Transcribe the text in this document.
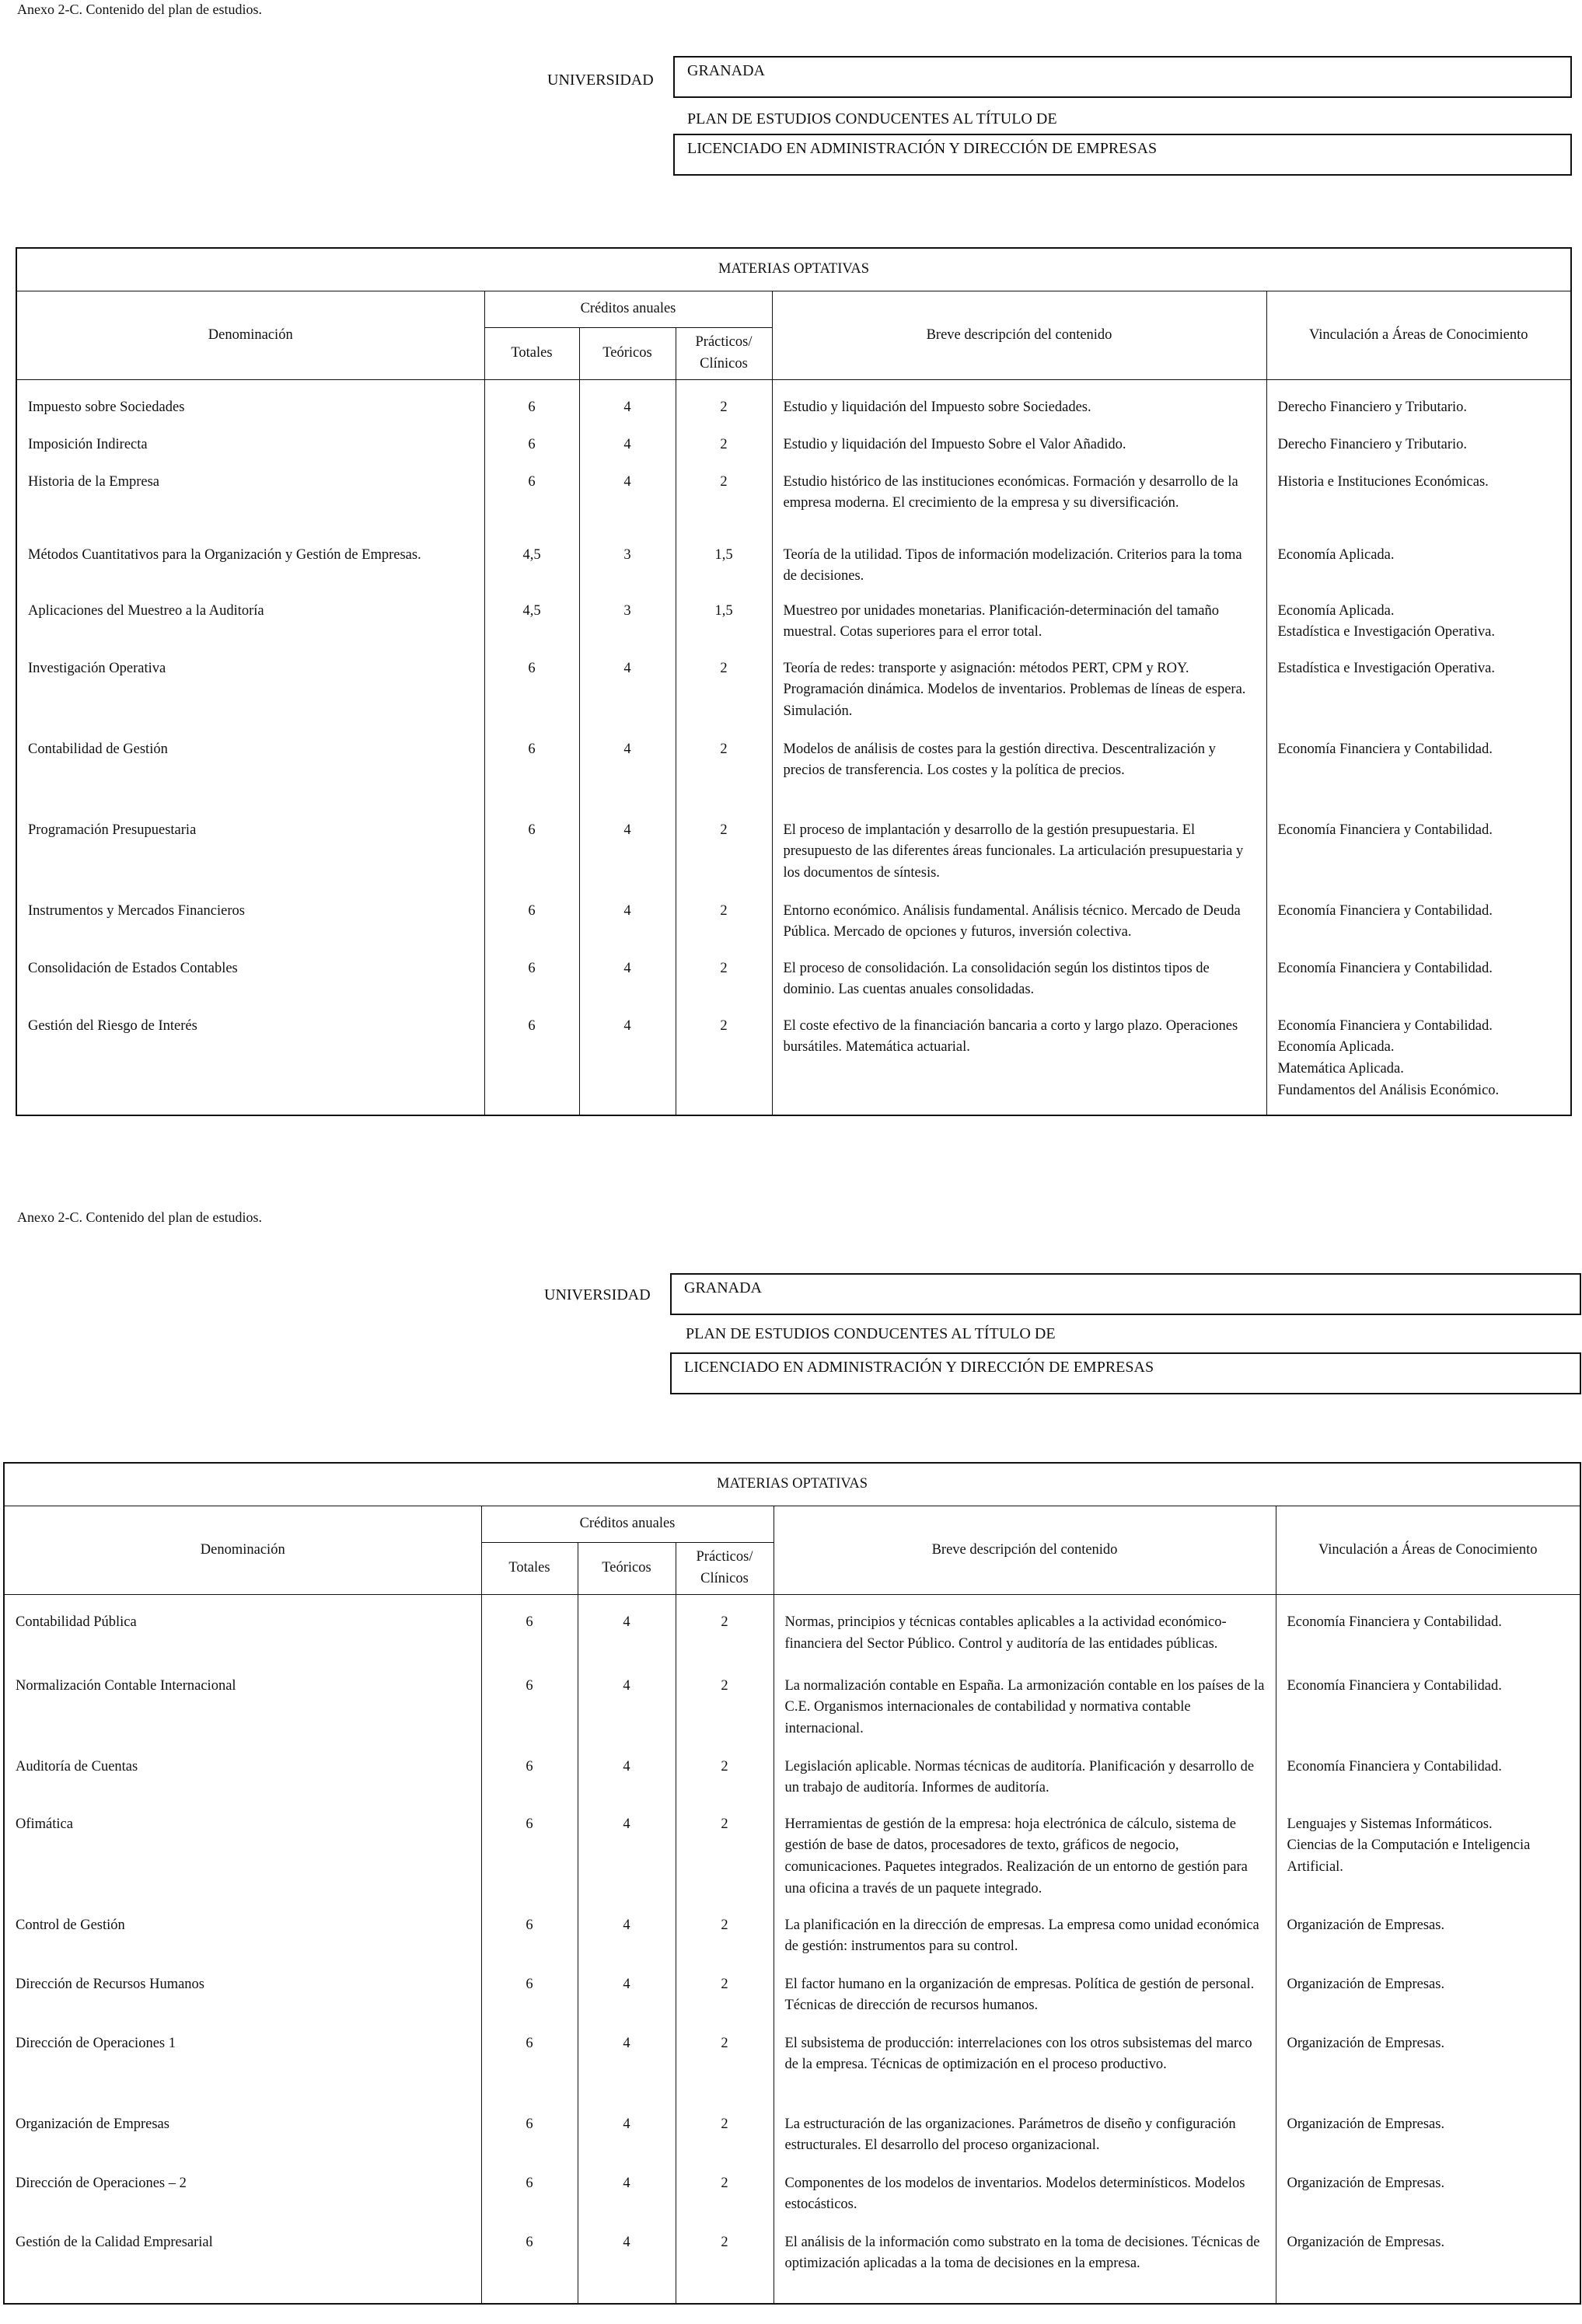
Anexo 2-C. Contenido del plan de estudios.
UNIVERSIDAD
GRANADA
PLAN DE ESTUDIOS CONDUCENTES AL TÍTULO DE
LICENCIADO EN ADMINISTRACIÓN Y DIRECCIÓN DE EMPRESAS
MATERIAS OPTATIVAS					
Denominación	Créditos anuales			Breve descripción del contenido	Vinculación a Áreas de Conocimiento
	Totales	Teóricos	Prácticos/ Clínicos		
Impuesto sobre Sociedades	6	4	2	Estudio y liquidación del Impuesto sobre Sociedades.	Derecho Financiero y Tributario.

Imposición Indirecta	6	4	2	Estudio y liquidación del Impuesto Sobre el Valor Añadido.	Derecho Financiero y Tributario.

Historia de la Empresa	6	4	2	Estudio histórico de las instituciones económicas. Formación y desarrollo de la empresa moderna. El crecimiento de la empresa y su diversificación.	Historia e Instituciones Económicas.

Métodos Cuantitativos para la Organización y Gestión de Empresas.	4,5	3	1,5	Teoría de la utilidad. Tipos de información modelización. Criterios para la toma de decisiones.	Economía Aplicada.

Aplicaciones del Muestreo a la Auditoría	4,5	3	1,5	Muestreo por unidades monetarias. Planificación-determinación del tamaño muestral. Cotas superiores para el error total.	Economía Aplicada.
Estadística e Investigación Operativa.

Investigación Operativa	6	4	2	Teoría de redes: transporte y asignación: métodos PERT, CPM y ROY. Programación dinámica. Modelos de inventarios. Problemas de líneas de espera. Simulación.	Estadística e Investigación Operativa.

Contabilidad de Gestión	6	4	2	Modelos de análisis de costes para la gestión directiva. Descentralización y precios de transferencia. Los costes y la política de precios.	Economía Financiera y Contabilidad.

Programación Presupuestaria	6	4	2	El proceso de implantación y desarrollo de la gestión presupuestaria. El presupuesto de las diferentes áreas funcionales. La articulación presupuestaria y los documentos de síntesis.	Economía Financiera y Contabilidad.

Instrumentos y Mercados Financieros	6	4	2	Entorno económico. Análisis fundamental. Análisis técnico. Mercado de Deuda Pública. Mercado de opciones y futuros, inversión colectiva.	Economía Financiera y Contabilidad.

Consolidación de Estados Contables	6	4	2	El proceso de consolidación. La consolidación según los distintos tipos de dominio. Las cuentas anuales consolidadas.	Economía Financiera y Contabilidad.

Gestión del Riesgo de Interés	6	4	2	El coste efectivo de la financiación bancaria a corto y largo plazo. Operaciones bursátiles. Matemática actuarial.	Economía Financiera y Contabilidad.
Economía Aplicada.
Matemática Aplicada.
Fundamentos del Análisis Económico.
Anexo 2-C. Contenido del plan de estudios.
UNIVERSIDAD	GRANADA
PLAN DE ESTUDIOS CONDUCENTES AL TÍTULO DE
LICENCIADO EN ADMINISTRACIÓN Y DIRECCIÓN DE EMPRESAS
MATERIAS OPTATIVAS					
Denominación	Créditos anuales			Breve descripción del contenido	Vinculación a Áreas de Conocimiento
	Totales	Teóricos	Prácticos/ Clínicos		
Contabilidad Pública	6	4	2	Normas, principios y técnicas contables aplicables a la actividad económico-financiera del Sector Público. Control y auditoría de las entidades públicas.	Economía Financiera y Contabilidad.

Normalización Contable Internacional	6	4	2	La normalización contable en España. La armonización contable en los países de la C.E. Organismos internacionales de contabilidad y normativa contable internacional.	Economía Financiera y Contabilidad.

Auditoría de Cuentas	6	4	2	Legislación aplicable. Normas técnicas de auditoría. Planificación y desarrollo de un trabajo de auditoría. Informes de auditoría.	Economía Financiera y Contabilidad.

Ofimática	6	4	2	Herramientas de gestión de la empresa: hoja electrónica de cálculo, sistema de gestión de base de datos, procesadores de texto, gráficos de negocio, comunicaciones. Paquetes integrados. Realización de un entorno de gestión para una oficina a través de un paquete integrado.	Lenguajes y Sistemas Informáticos.
Ciencias de la Computación e Inteligencia Artificial.

Control de Gestión	6	4	2	La planificación en la dirección de empresas. La empresa como unidad económica de gestión: instrumentos para su control.	Organización de Empresas.

Dirección de Recursos Humanos	6	4	2	El factor humano en la organización de empresas. Política de gestión de personal. Técnicas de dirección de recursos humanos.	Organización de Empresas.

Dirección de Operaciones 1	6	4	2	El subsistema de producción: interrelaciones con los otros subsistemas del marco de la empresa. Técnicas de optimización en el proceso productivo.	Organización de Empresas.

Organización de Empresas	6	4	2	La estructuración de las organizaciones. Parámetros de diseño y configuración estructurales. El desarrollo del proceso organizacional.	Organización de Empresas.

Dirección de Operaciones – 2	6	4	2	Componentes de los modelos de inventarios. Modelos determinísticos. Modelos estocásticos.	Organización de Empresas.

Gestión de la Calidad Empresarial	6	4	2	El análisis de la información como substrato en la toma de decisiones. Técnicas de optimización aplicadas a la toma de decisiones en la empresa.	Organización de Empresas.
